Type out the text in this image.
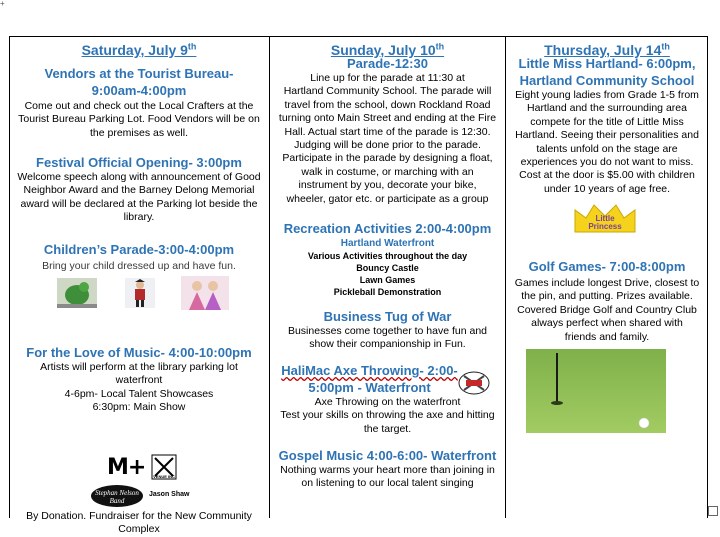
+
Saturday, July 9th
Vendors at the Tourist Bureau-
9:00am-4:00pm
Come out and check out the Local Crafters at the
Tourist Bureau Parking Lot. Food Vendors will be on
the premises as well.
Festival Official Opening- 3:00pm
Welcome speech along with announcement of Good
Neighbor Award and the Barney Delong Memorial
award will be declared at the Parking lot beside the
library.
Children’s Parade-3:00-4:00pm
Bring your child dressed up and have fun.
For the Love of Music- 4:00-10:00pm
Artists will perform at the library parking lot
waterfront
4-6pm- Local Talent Showcases
6:30pm: Main Show
M+ VENUE INC
Stephan Nelson Band
Jason Shaw
By Donation. Fundraiser for the New Community
Complex
Sunday, July 10th
Parade-12:30
Line up for the parade at 11:30 at
Hartland Community School. The parade will
travel from the school, down Rockland Road
turning onto Main Street and ending at the Fire
Hall. Actual start time of the parade is 12:30.
Judging will be done prior to the parade.
Participate in the parade by designing a float,
walk in costume, or marching with an
instrument by you, decorate your bike,
wheeler, gator etc. or participate as a group
Recreation Activities 2:00-4:00pm
Hartland Waterfront
Various Activities throughout the day
Bouncy Castle
Lawn Games
Pickleball Demonstration
Business Tug of War
Businesses come together to have fun and
show their companionship in Fun.
HaliMac Axe Throwing- 2:00-
5:00pm - Waterfront
Axe Throwing on the waterfront
Test your skills on throwing the axe and hitting
the target.
Gospel Music 4:00-6:00- Waterfront
Nothing warms your heart more than joining in
on listening to our local talent singing
Thursday, July 14th
Little Miss Hartland- 6:00pm,
Hartland Community School
Eight young ladies from Grade 1-5 from
Hartland and the surrounding area
compete for the title of Little Miss
Hartland. Seeing their personalities and
talents unfold on the stage are
experiences you do not want to miss.
Cost at the door is $5.00 with children
under 10 years of age free.
Little
Princess
Golf Games- 7:00-8:00pm
Games include longest Drive, closest to
the pin, and putting. Prizes available.
Covered Bridge Golf and Country Club
always perfect when shared with
friends and family.
